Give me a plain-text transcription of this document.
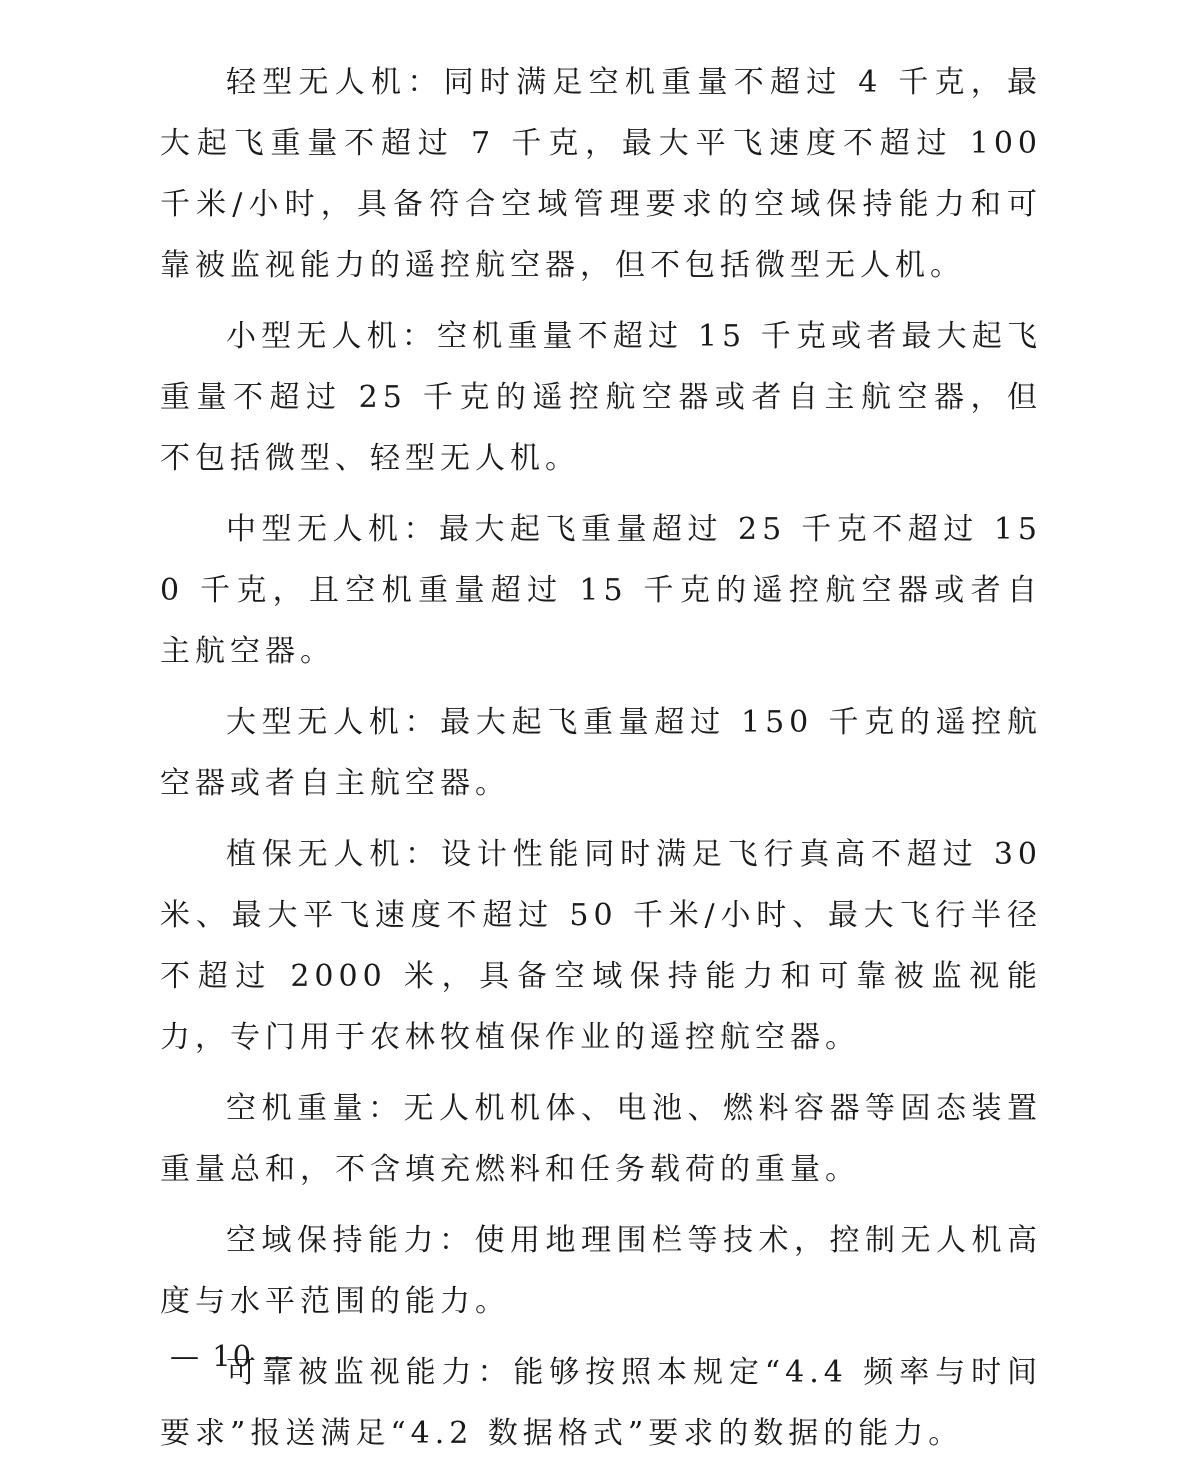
轻型无人机：同时满足空机重量不超过 4 千克，最大起飞重量不超过 7 千克，最大平飞速度不超过 100 千米/小时，具备符合空域管理要求的空域保持能力和可靠被监视能力的遥控航空器，但不包括微型无人机。

小型无人机：空机重量不超过 15 千克或者最大起飞重量不超过 25 千克的遥控航空器或者自主航空器，但不包括微型、轻型无人机。

中型无人机：最大起飞重量超过 25 千克不超过 150 千克，且空机重量超过 15 千克的遥控航空器或者自主航空器。

大型无人机：最大起飞重量超过 150 千克的遥控航空器或者自主航空器。

植保无人机：设计性能同时满足飞行真高不超过 30 米、最大平飞速度不超过 50 千米/小时、最大飞行半径不超过 2000 米，具备空域保持能力和可靠被监视能力，专门用于农林牧植保作业的遥控航空器。

空机重量：无人机机体、电池、燃料容器等固态装置重量总和，不含填充燃料和任务载荷的重量。

空域保持能力：使用地理围栏等技术，控制无人机高度与水平范围的能力。

可靠被监视能力：能够按照本规定“4.4 频率与时间要求”报送满足“4.2 数据格式”要求的数据的能力。

— 10 —
